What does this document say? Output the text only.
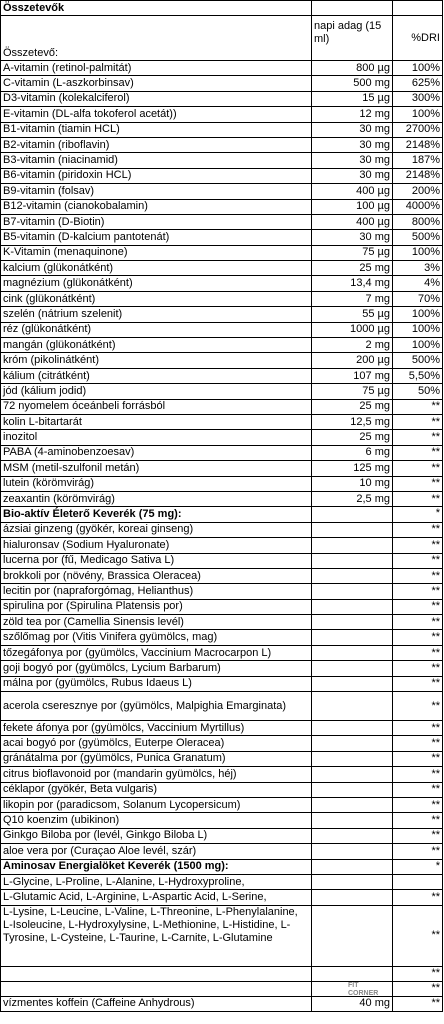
Összetevők		
Összetevő:	napi adag (15 ml)	%DRI
A-vitamin (retinol-palmitát)	800 µg	100%
C-vitamin (L-aszkorbinsav)	500 mg	625%
D3-vitamin (kolekalciferol)	15 µg	300%
E-vitamin (DL-alfa tokoferol acetát))	12 mg	100%
B1-vitamin (tiamin HCL)	30 mg	2700%
B2-vitamin (riboflavin)	30 mg	2148%
B3-vitamin (niacinamid)	30 mg	187%
B6-vitamin (piridoxin HCL)	30 mg	2148%
B9-vitamin (folsav)	400 µg	200%
B12-vitamin (cianokobalamin)	100 µg	4000%
B7-vitamin (D-Biotin)	400 µg	800%
B5-vitamin (D-kalcium pantotenát)	30 mg	500%
K-Vitamin (menaquinone)	75 µg	100%
kalcium (glükonátként)	25 mg	3%
magnézium (glükonátként)	13,4 mg	4%
cink (glükonátként)	7 mg	70%
szelén (nátrium szelenit)	55 µg	100%
réz (glükonátként)	1000 µg	100%
mangán (glükonátként)	2 mg	100%
króm (pikolinátként)	200 µg	500%
kálium (citrátként)	107 mg	5,50%
jód (kálium jodid)	75 µg	50%
72 nyomelem óceánbeli forrásból	25 mg	**
kolin L-bitartarát	12,5 mg	**
inozitol	25 mg	**
PABA (4-aminobenzoesav)	6 mg	**
MSM (metil-szulfonil metán)	125 mg	**
lutein (körömvirág)	10 mg	**
zeaxantin (körömvirág)	2,5 mg	**
Bio-aktív Életerő Keverék (75 mg):		*
ázsiai ginzeng (gyökér, koreai ginseng)		**
hialuronsav (Sodium Hyaluronate)		**
lucerna por (fű, Medicago Sativa L)		**
brokkoli por (növény, Brassica Oleracea)		**
lecitin por (napraforgómag, Helianthus)		**
spirulina por (Spirulina Platensis por)		**
zöld tea por (Camellia Sinensis levél)		**
szőlőmag por (Vitis Vinifera gyümölcs, mag)		**
tőzegáfonya por (gyümölcs, Vaccinium Macrocarpon L)		**
goji bogyó por (gyümölcs, Lycium Barbarum)		**
málna por (gyümölcs, Rubus Idaeus L)		**
acerola cseresznye por (gyümölcs, Malpighia Emarginata)		**
fekete áfonya por (gyümölcs, Vaccinium Myrtillus)		**
acai bogyó por (gyümölcs, Euterpe Oleracea)		**
gránátalma por (gyümölcs, Punica Granatum)		**
citrus bioflavonoid por (mandarin gyümölcs, héj)		**
céklapor (gyökér, Beta vulgaris)		**
likopin por (paradicsom, Solanum Lycopersicum)		**
Q10 koenzim (ubikinon)		**
Ginkgo Biloba por (levél, Ginkgo Biloba L)		**
aloe vera por (Curaçao Aloe levél, szár)		**
Aminosav Energialöket Keverék (1500 mg):		*
L-Glycine, L-Proline, L-Alanine, L-Hydroxyproline,		
L-Glutamic Acid, L-Arginine, L-Aspartic Acid, L-Serine,		**
L-Lysine, L-Leucine, L-Valine, L-Threonine, L-Phenylalanine, L-Isoleucine, L-Hydroxylysine, L-Methionine, L-Histidine, L-Tyrosine, L-Cysteine, L-Taurine, L-Carnite, L-Glutamine		**
		**
		**
vízmentes koffein (Caffeine Anhydrous)	40 mg	**
FIT
CORNER
